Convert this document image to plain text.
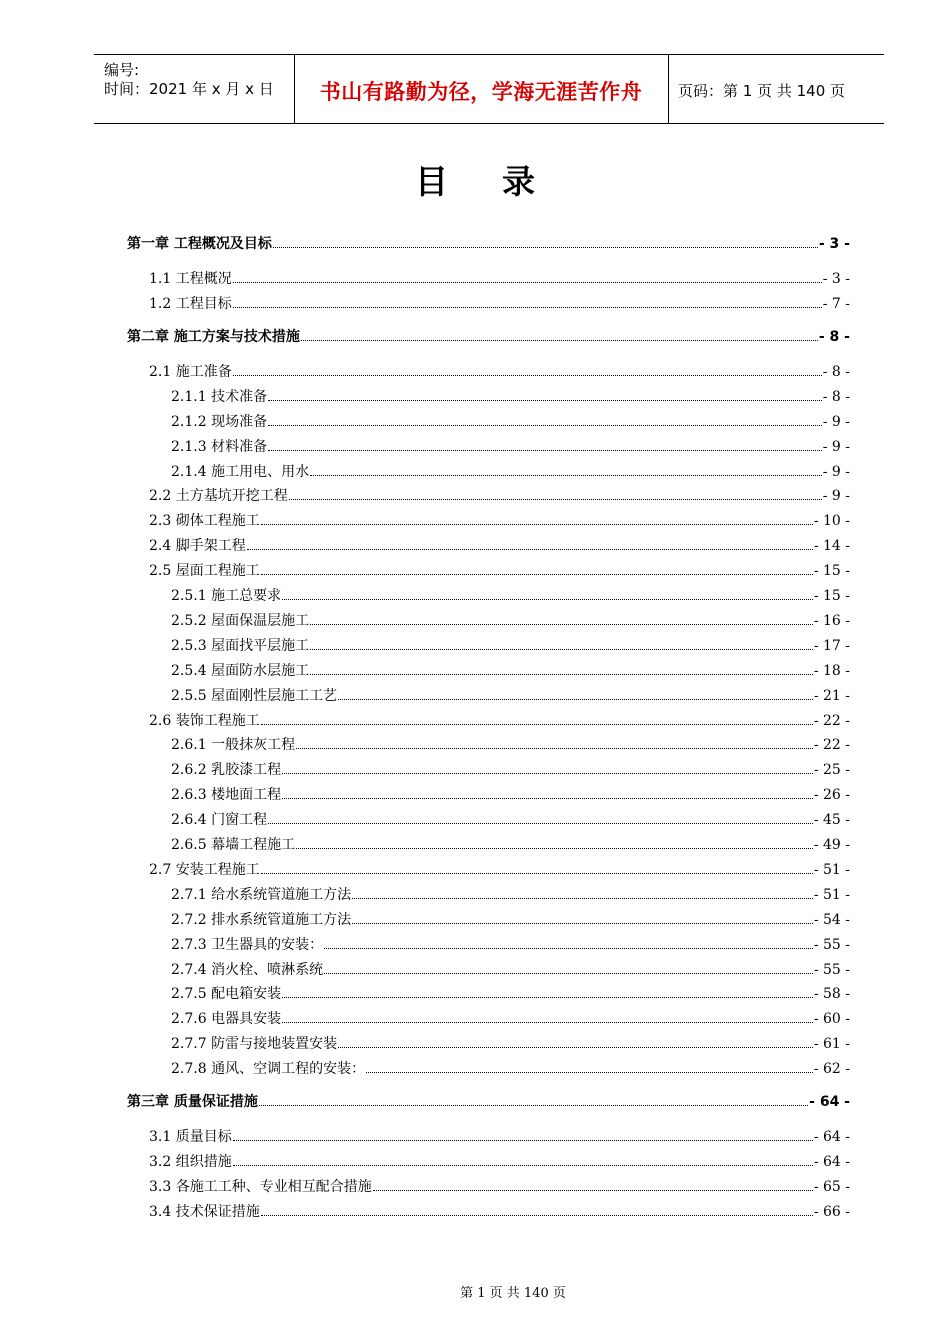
编号:
时间：2021 年 x 月 x 日	书山有路勤为径，学海无涯苦作舟	页码：第 1 页 共 140 页
目 录
第一章 工程概况及目标	- 3 -
1.1 工程概况	- 3 -
1.2 工程目标	- 7 -
第二章 施工方案与技术措施	- 8 -
2.1 施工准备	- 8 -
2.1.1 技术准备	- 8 -
2.1.2 现场准备	- 9 -
2.1.3 材料准备	- 9 -
2.1.4 施工用电、用水	- 9 -
2.2 土方基坑开挖工程	- 9 -
2.3 砌体工程施工	- 10 -
2.4 脚手架工程	- 14 -
2.5 屋面工程施工	- 15 -
2.5.1 施工总要求	- 15 -
2.5.2 屋面保温层施工	- 16 -
2.5.3 屋面找平层施工	- 17 -
2.5.4 屋面防水层施工	- 18 -
2.5.5 屋面刚性层施工工艺	- 21 -
2.6 装饰工程施工	- 22 -
2.6.1 一般抹灰工程	- 22 -
2.6.2 乳胶漆工程	- 25 -
2.6.3 楼地面工程	- 26 -
2.6.4 门窗工程	- 45 -
2.6.5 幕墙工程施工	- 49 -
2.7 安装工程施工	- 51 -
2.7.1 给水系统管道施工方法	- 51 -
2.7.2 排水系统管道施工方法	- 54 -
2.7.3 卫生器具的安装：	- 55 -
2.7.4 消火栓、喷淋系统	- 55 -
2.7.5 配电箱安装	- 58 -
2.7.6 电器具安装	- 60 -
2.7.7 防雷与接地装置安装	- 61 -
2.7.8 通风、空调工程的安装：	- 62 -
第三章 质量保证措施	- 64 -
3.1 质量目标	- 64 -
3.2 组织措施	- 64 -
3.3 各施工工种、专业相互配合措施	- 65 -
3.4 技术保证措施	- 66 -
第 1 页 共 140 页
